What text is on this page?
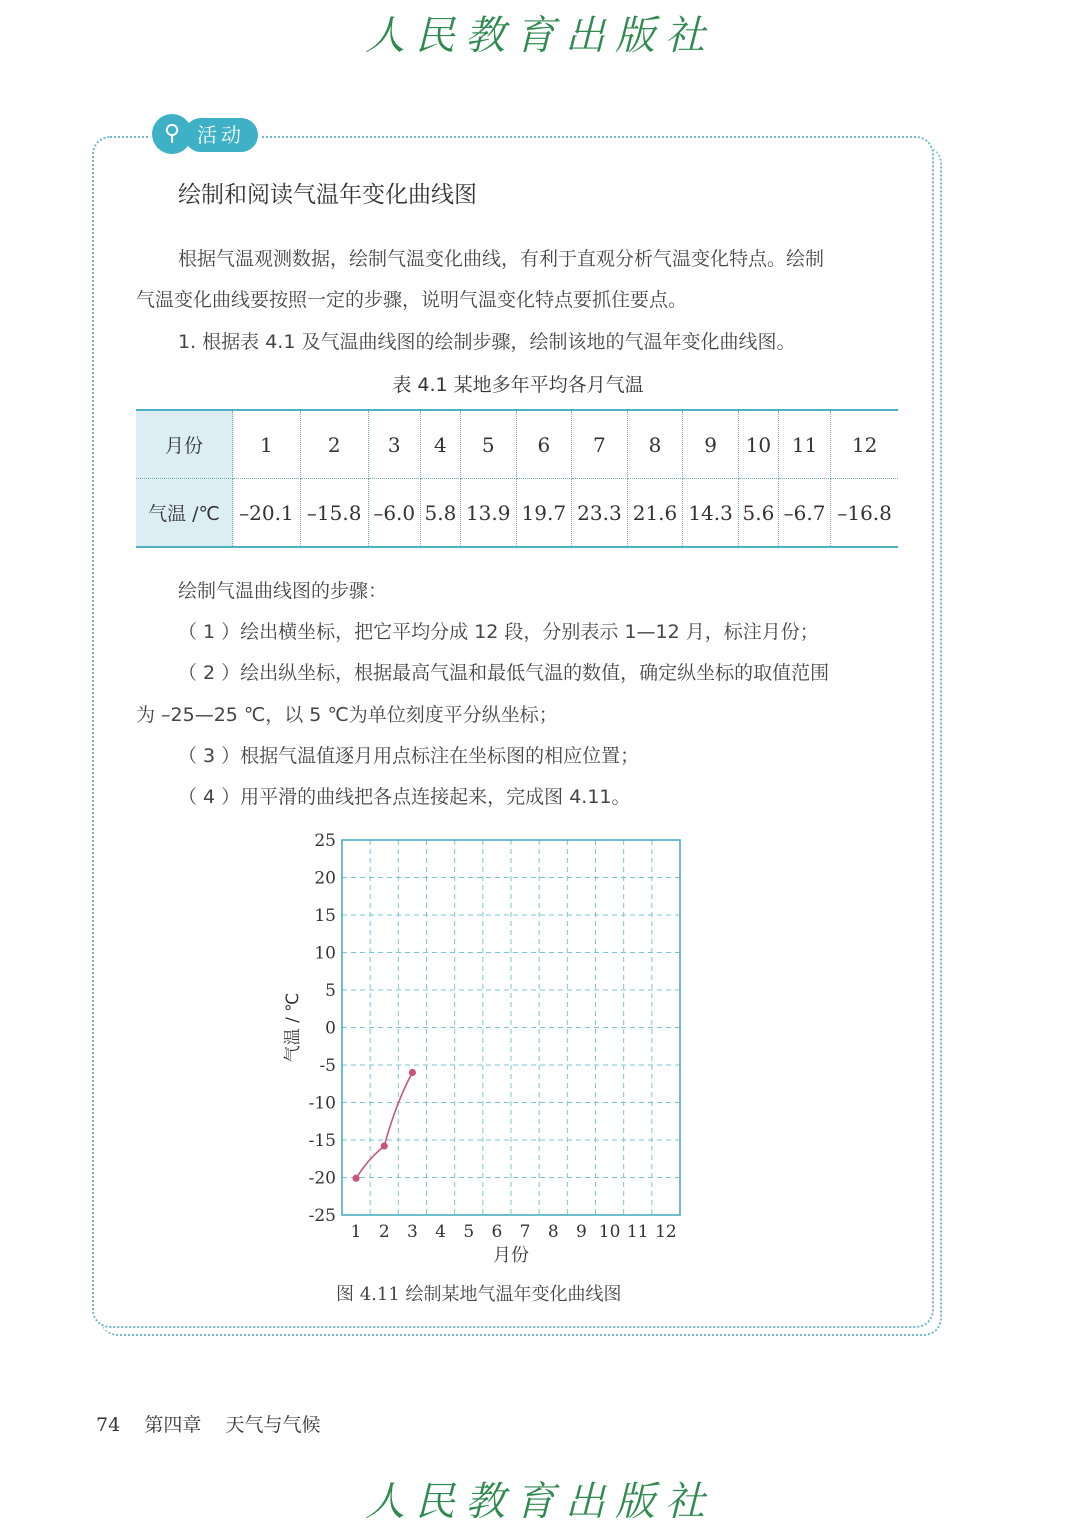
人民教育出版社
⚲ 活动
绘制和阅读气温年变化曲线图
根据气温观测数据，绘制气温变化曲线，有利于直观分析气温变化特点。绘制
气温变化曲线要按照一定的步骤，说明气温变化特点要抓住要点。
1. 根据表 4.1 及气温曲线图的绘制步骤，绘制该地的气温年变化曲线图。
表 4.1 某地多年平均各月气温
月份	1	2	3	4	5	6	7	8	9	10	11	12
气温 /℃	–20.1	–15.8	–6.0	5.8	13.9	19.7	23.3	21.6	14.3	5.6	–6.7	–16.8
绘制气温曲线图的步骤：
（ 1 ）绘出横坐标，把它平均分成 12 段，分别表示 1—12 月，标注月份；
（ 2 ）绘出纵坐标，根据最高气温和最低气温的数值，确定纵坐标的取值范围
为 –25—25 ℃，以 5 ℃为单位刻度平分纵坐标；
（ 3 ）根据气温值逐月用点标注在坐标图的相应位置；
（ 4 ）用平滑的曲线把各点连接起来，完成图 4.11。
25
20
15
10
5
0
-5
-10
-15
-20
-25
1 2 3 4 5 6 7 8 9 10 11 12
月份
气温 / ℃
图 4.11 绘制某地气温年变化曲线图
74 第四章    天气与气候
人民教育出版社
